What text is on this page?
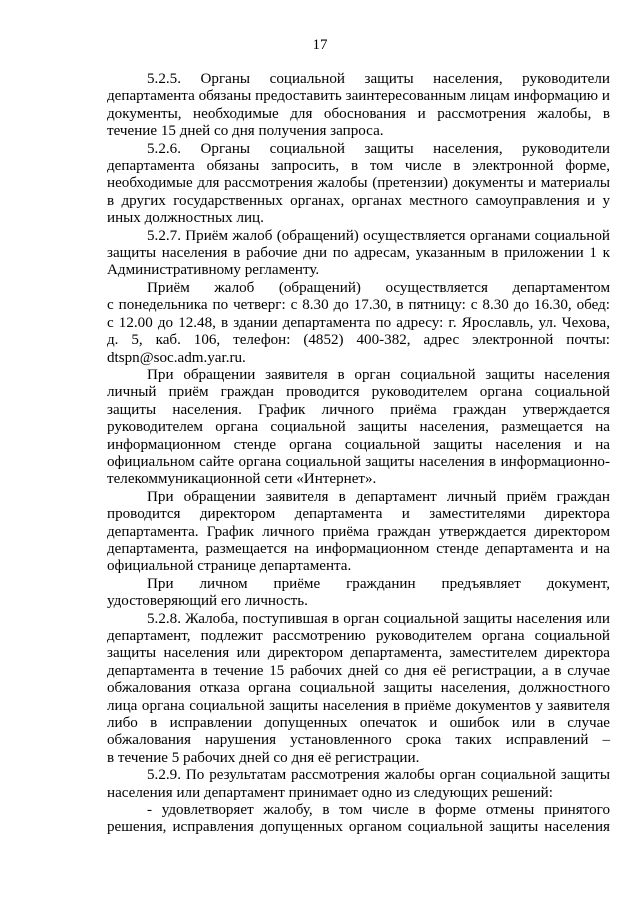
17
5.2.5. Органы социальной защиты населения, руководители
департамента обязаны предоставить заинтересованным лицам информацию и
документы, необходимые для обоснования и рассмотрения жалобы, в
течение 15 дней со дня получения запроса.
5.2.6. Органы социальной защиты населения, руководители
департамента обязаны запросить, в том числе в электронной форме,
необходимые для рассмотрения жалобы (претензии) документы и материалы
в других государственных органах, органах местного самоуправления и у
иных должностных лиц.
5.2.7. Приём жалоб (обращений) осуществляется органами социальной
защиты населения в рабочие дни по адресам, указанным в приложении 1 к
Административному регламенту.
Приём жалоб (обращений) осуществляется департаментом
с понедельника по четверг: с 8.30 до 17.30, в пятницу: с 8.30 до 16.30, обед:
с 12.00 до 12.48, в здании департамента по адресу: г. Ярославль, ул. Чехова,
д. 5, каб. 106, телефон: (4852) 400-382, адрес электронной почты:
dtspn@soc.adm.yar.ru.
При обращении заявителя в орган социальной защиты населения
личный приём граждан проводится руководителем органа социальной
защиты населения. График личного приёма граждан утверждается
руководителем органа социальной защиты населения, размещается на
информационном стенде органа социальной защиты населения и на
официальном сайте органа социальной защиты населения в информационно-
телекоммуникационной сети «Интернет».
При обращении заявителя в департамент личный приём граждан
проводится директором департамента и заместителями директора
департамента. График личного приёма граждан утверждается директором
департамента, размещается на информационном стенде департамента и на
официальной странице департамента.
При личном приёме гражданин предъявляет документ,
удостоверяющий его личность.
5.2.8. Жалоба, поступившая в орган социальной защиты населения или
департамент, подлежит рассмотрению руководителем органа социальной
защиты населения или директором департамента, заместителем директора
департамента в течение 15 рабочих дней со дня её регистрации, а в случае
обжалования отказа органа социальной защиты населения, должностного
лица органа социальной защиты населения в приёме документов у заявителя
либо в исправлении допущенных опечаток и ошибок или в случае
обжалования нарушения установленного срока таких исправлений –
в течение 5 рабочих дней со дня её регистрации.
5.2.9. По результатам рассмотрения жалобы орган социальной защиты
населения или департамент принимает одно из следующих решений:
- удовлетворяет жалобу, в том числе в форме отмены принятого
решения, исправления допущенных органом социальной защиты населения
